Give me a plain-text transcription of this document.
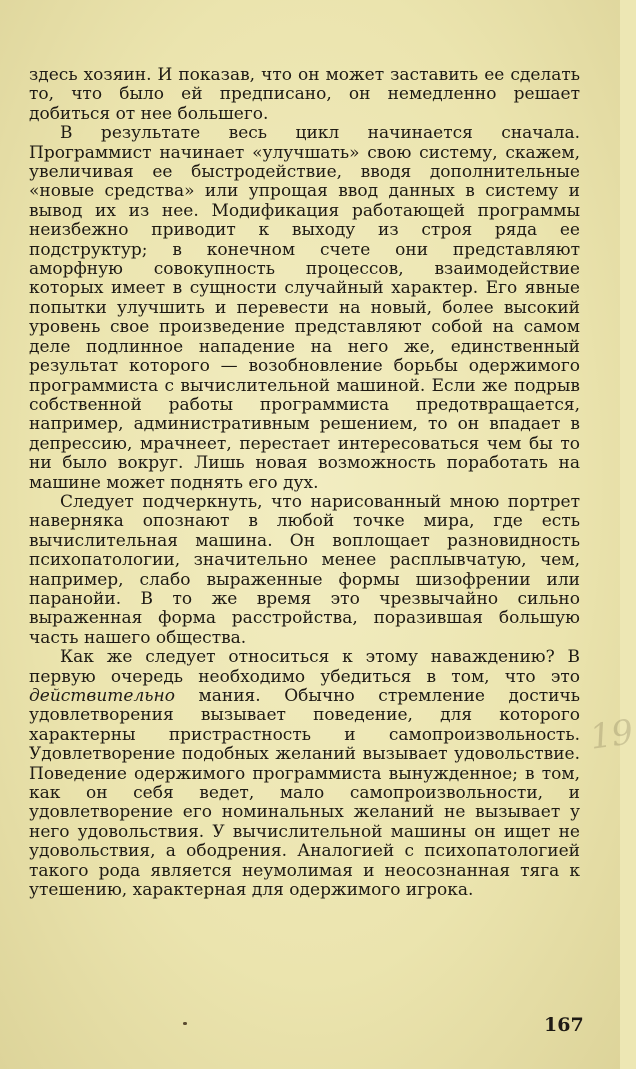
здесь хозяин. И показав, что он может заставить ее сделать то, что было ей предписано, он немедленно решает добиться от нее большего.

В результате весь цикл начинается сначала. Программист начинает «улучшать» свою систему, скажем, увеличивая ее быстродействие, вводя дополнительные «новые средства» или упрощая ввод данных в систему и вывод их из нее. Модификация работающей программы неизбежно приводит к выходу из строя ряда ее подструктур; в конечном счете они представляют аморфную совокупность процессов, взаимодействие которых имеет в сущности случайный характер. Его явные попытки улучшить и перевести на новый, более высокий уровень свое произведение представляют собой на самом деле подлинное нападение на него же, единственный результат которого — возобновление борьбы одержимого программиста с вычислительной машиной. Если же подрыв собственной работы программиста предотвращается, например, административным решением, то он впадает в депрессию, мрачнеет, перестает интересоваться чем бы то ни было вокруг. Лишь новая возможность поработать на машине может поднять его дух.

Следует подчеркнуть, что нарисованный мною портрет наверняка опознают в любой точке мира, где есть вычислительная машина. Он воплощает разновидность психопатологии, значительно менее расплывчатую, чем, например, слабо выраженные формы шизофрении или паранойи. В то же время это чрезвычайно сильно выраженная форма расстройства, поразившая большую часть нашего общества.

Как же следует относиться к этому наваждению? В первую очередь необходимо убедиться в том, что это действительно мания. Обычно стремление достичь удовлетворения вызывает поведение, для которого характерны пристрастность и самопроизвольность. Удовлетворение подобных желаний вызывает удовольствие. Поведение одержимого программиста вынужденное; в том, как он себя ведет, мало самопроизвольности, и удовлетворение его номинальных желаний не вызывает у него удовольствия. У вычислительной машины он ищет не удовольствия, а ободрения. Аналогией с психопатологией такого рода является неумолимая и неосознанная тяга к утешению, характерная для одержимого игрока.

19
167
